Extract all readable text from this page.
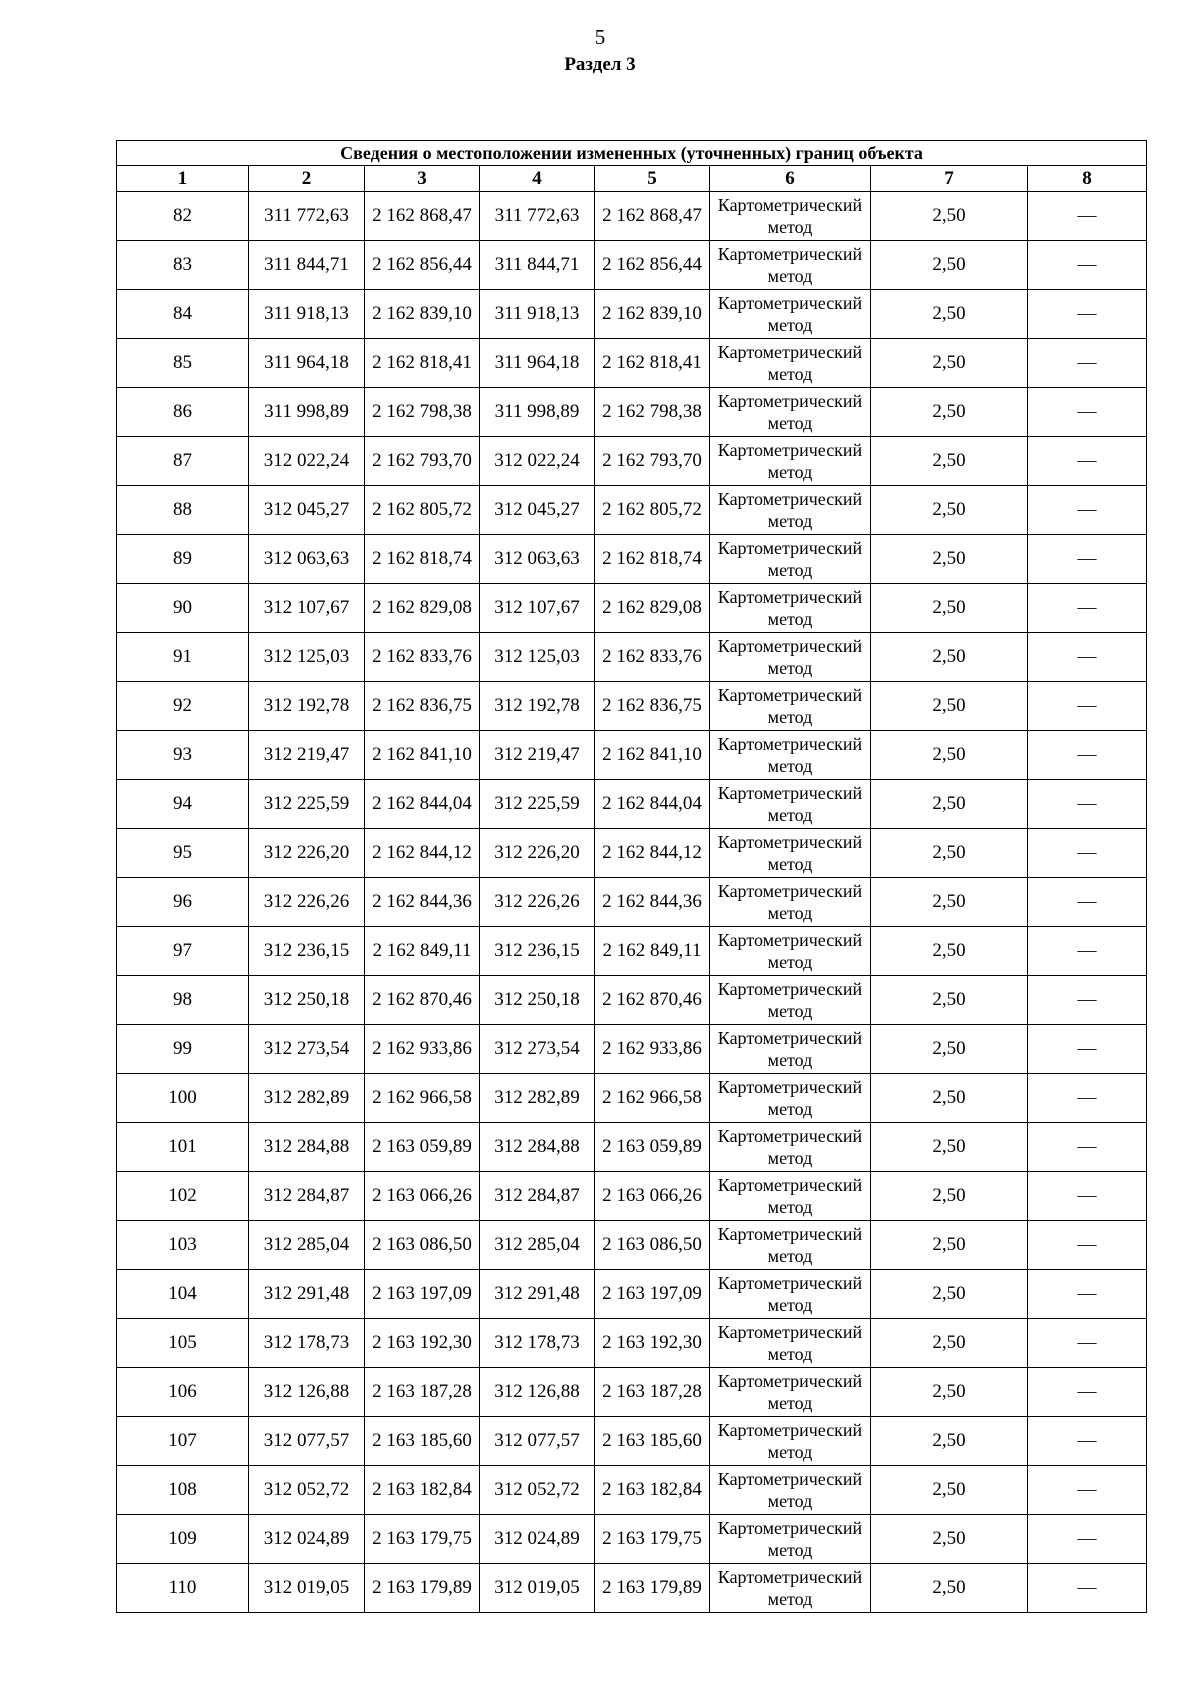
5
Раздел 3
Сведения о местоположении измененных (уточненных) границ объекта							
1	2	3	4	5	6	7	8
82	311 772,63	2 162 868,47	311 772,63	2 162 868,47	Картометрический метод	2,50	—
83	311 844,71	2 162 856,44	311 844,71	2 162 856,44	Картометрический метод	2,50	—
84	311 918,13	2 162 839,10	311 918,13	2 162 839,10	Картометрический метод	2,50	—
85	311 964,18	2 162 818,41	311 964,18	2 162 818,41	Картометрический метод	2,50	—
86	311 998,89	2 162 798,38	311 998,89	2 162 798,38	Картометрический метод	2,50	—
87	312 022,24	2 162 793,70	312 022,24	2 162 793,70	Картометрический метод	2,50	—
88	312 045,27	2 162 805,72	312 045,27	2 162 805,72	Картометрический метод	2,50	—
89	312 063,63	2 162 818,74	312 063,63	2 162 818,74	Картометрический метод	2,50	—
90	312 107,67	2 162 829,08	312 107,67	2 162 829,08	Картометрический метод	2,50	—
91	312 125,03	2 162 833,76	312 125,03	2 162 833,76	Картометрический метод	2,50	—
92	312 192,78	2 162 836,75	312 192,78	2 162 836,75	Картометрический метод	2,50	—
93	312 219,47	2 162 841,10	312 219,47	2 162 841,10	Картометрический метод	2,50	—
94	312 225,59	2 162 844,04	312 225,59	2 162 844,04	Картометрический метод	2,50	—
95	312 226,20	2 162 844,12	312 226,20	2 162 844,12	Картометрический метод	2,50	—
96	312 226,26	2 162 844,36	312 226,26	2 162 844,36	Картометрический метод	2,50	—
97	312 236,15	2 162 849,11	312 236,15	2 162 849,11	Картометрический метод	2,50	—
98	312 250,18	2 162 870,46	312 250,18	2 162 870,46	Картометрический метод	2,50	—
99	312 273,54	2 162 933,86	312 273,54	2 162 933,86	Картометрический метод	2,50	—
100	312 282,89	2 162 966,58	312 282,89	2 162 966,58	Картометрический метод	2,50	—
101	312 284,88	2 163 059,89	312 284,88	2 163 059,89	Картометрический метод	2,50	—
102	312 284,87	2 163 066,26	312 284,87	2 163 066,26	Картометрический метод	2,50	—
103	312 285,04	2 163 086,50	312 285,04	2 163 086,50	Картометрический метод	2,50	—
104	312 291,48	2 163 197,09	312 291,48	2 163 197,09	Картометрический метод	2,50	—
105	312 178,73	2 163 192,30	312 178,73	2 163 192,30	Картометрический метод	2,50	—
106	312 126,88	2 163 187,28	312 126,88	2 163 187,28	Картометрический метод	2,50	—
107	312 077,57	2 163 185,60	312 077,57	2 163 185,60	Картометрический метод	2,50	—
108	312 052,72	2 163 182,84	312 052,72	2 163 182,84	Картометрический метод	2,50	—
109	312 024,89	2 163 179,75	312 024,89	2 163 179,75	Картометрический метод	2,50	—
110	312 019,05	2 163 179,89	312 019,05	2 163 179,89	Картометрический метод	2,50	—
